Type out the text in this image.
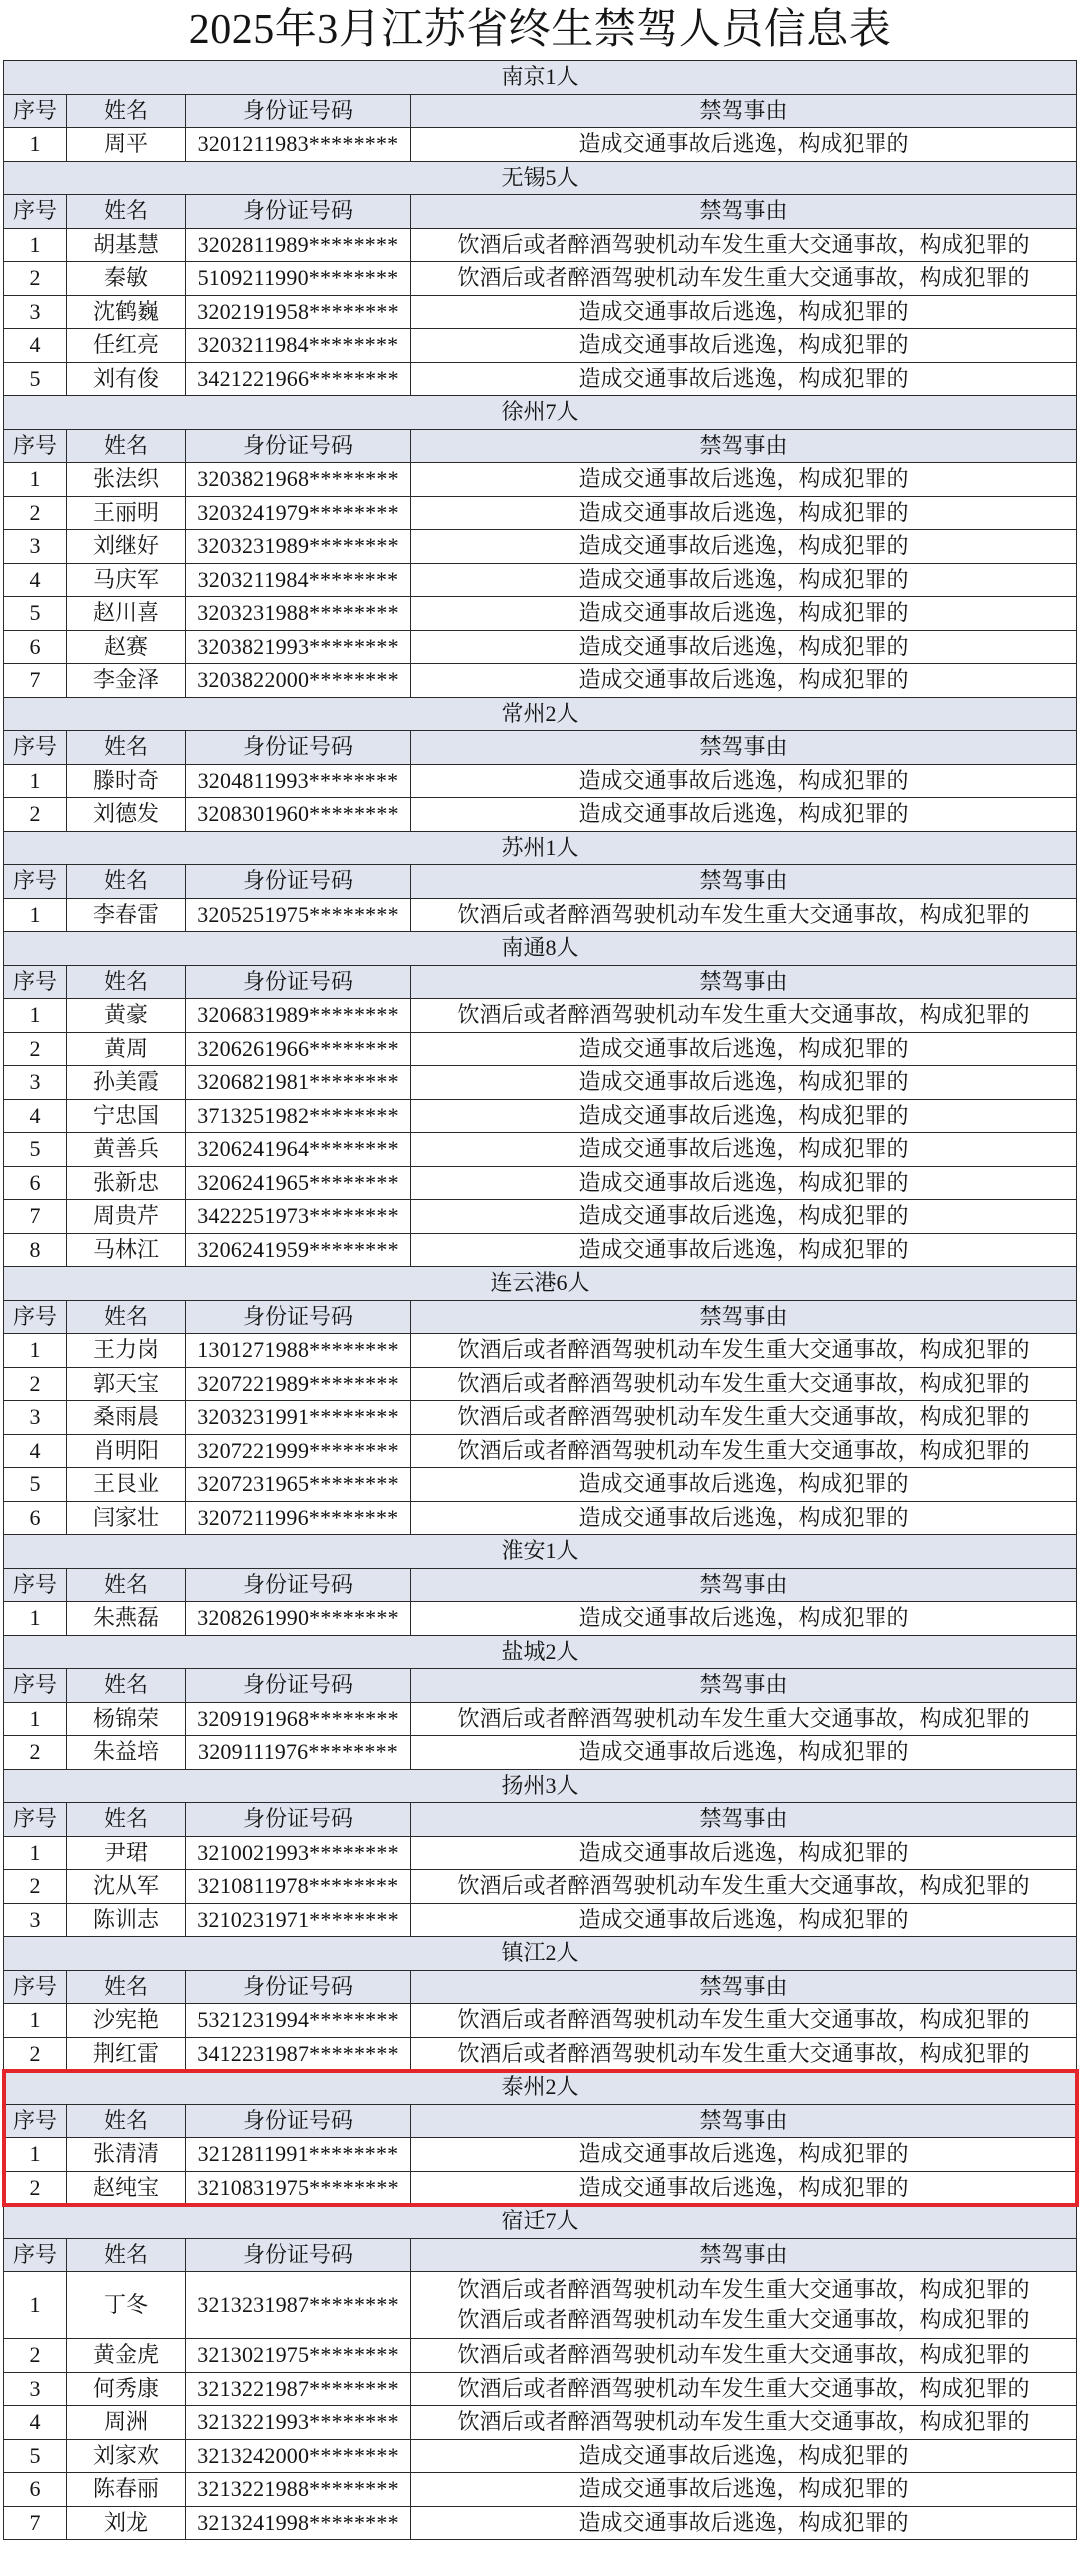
2025年3月江苏省终生禁驾人员信息表
南京1人			
序号	姓名	身份证号码	禁驾事由
1	周平	3201211983********	造成交通事故后逃逸，构成犯罪的
无锡5人			
序号	姓名	身份证号码	禁驾事由
1	胡基慧	3202811989********	饮酒后或者醉酒驾驶机动车发生重大交通事故，构成犯罪的
2	秦敏	5109211990********	饮酒后或者醉酒驾驶机动车发生重大交通事故，构成犯罪的
3	沈鹤巍	3202191958********	造成交通事故后逃逸，构成犯罪的
4	任红亮	3203211984********	造成交通事故后逃逸，构成犯罪的
5	刘有俊	3421221966********	造成交通事故后逃逸，构成犯罪的
徐州7人			
序号	姓名	身份证号码	禁驾事由
1	张法织	3203821968********	造成交通事故后逃逸，构成犯罪的
2	王丽明	3203241979********	造成交通事故后逃逸，构成犯罪的
3	刘继好	3203231989********	造成交通事故后逃逸，构成犯罪的
4	马庆军	3203211984********	造成交通事故后逃逸，构成犯罪的
5	赵川喜	3203231988********	造成交通事故后逃逸，构成犯罪的
6	赵赛	3203821993********	造成交通事故后逃逸，构成犯罪的
7	李金泽	3203822000********	造成交通事故后逃逸，构成犯罪的
常州2人			
序号	姓名	身份证号码	禁驾事由
1	滕时奇	3204811993********	造成交通事故后逃逸，构成犯罪的
2	刘德发	3208301960********	造成交通事故后逃逸，构成犯罪的
苏州1人			
序号	姓名	身份证号码	禁驾事由
1	李春雷	3205251975********	饮酒后或者醉酒驾驶机动车发生重大交通事故，构成犯罪的
南通8人			
序号	姓名	身份证号码	禁驾事由
1	黄豪	3206831989********	饮酒后或者醉酒驾驶机动车发生重大交通事故，构成犯罪的
2	黄周	3206261966********	造成交通事故后逃逸，构成犯罪的
3	孙美霞	3206821981********	造成交通事故后逃逸，构成犯罪的
4	宁忠国	3713251982********	造成交通事故后逃逸，构成犯罪的
5	黄善兵	3206241964********	造成交通事故后逃逸，构成犯罪的
6	张新忠	3206241965********	造成交通事故后逃逸，构成犯罪的
7	周贵芹	3422251973********	造成交通事故后逃逸，构成犯罪的
8	马林江	3206241959********	造成交通事故后逃逸，构成犯罪的
连云港6人			
序号	姓名	身份证号码	禁驾事由
1	王力岗	1301271988********	饮酒后或者醉酒驾驶机动车发生重大交通事故，构成犯罪的
2	郭天宝	3207221989********	饮酒后或者醉酒驾驶机动车发生重大交通事故，构成犯罪的
3	桑雨晨	3203231991********	饮酒后或者醉酒驾驶机动车发生重大交通事故，构成犯罪的
4	肖明阳	3207221999********	饮酒后或者醉酒驾驶机动车发生重大交通事故，构成犯罪的
5	王艮业	3207231965********	造成交通事故后逃逸，构成犯罪的
6	闫家壮	3207211996********	造成交通事故后逃逸，构成犯罪的
淮安1人			
序号	姓名	身份证号码	禁驾事由
1	朱燕磊	3208261990********	造成交通事故后逃逸，构成犯罪的
盐城2人			
序号	姓名	身份证号码	禁驾事由
1	杨锦荣	3209191968********	饮酒后或者醉酒驾驶机动车发生重大交通事故，构成犯罪的
2	朱益培	3209111976********	造成交通事故后逃逸，构成犯罪的
扬州3人			
序号	姓名	身份证号码	禁驾事由
1	尹珺	3210021993********	造成交通事故后逃逸，构成犯罪的
2	沈从军	3210811978********	饮酒后或者醉酒驾驶机动车发生重大交通事故，构成犯罪的
3	陈训志	3210231971********	造成交通事故后逃逸，构成犯罪的
镇江2人			
序号	姓名	身份证号码	禁驾事由
1	沙宪艳	5321231994********	饮酒后或者醉酒驾驶机动车发生重大交通事故，构成犯罪的
2	荆红雷	3412231987********	饮酒后或者醉酒驾驶机动车发生重大交通事故，构成犯罪的
泰州2人			
序号	姓名	身份证号码	禁驾事由
1	张清清	3212811991********	造成交通事故后逃逸，构成犯罪的
2	赵纯宝	3210831975********	造成交通事故后逃逸，构成犯罪的
宿迁7人			
序号	姓名	身份证号码	禁驾事由
1	丁冬	3213231987********	饮酒后或者醉酒驾驶机动车发生重大交通事故，构成犯罪的
饮酒后或者醉酒驾驶机动车发生重大交通事故，构成犯罪的
2	黄金虎	3213021975********	饮酒后或者醉酒驾驶机动车发生重大交通事故，构成犯罪的
3	何秀康	3213221987********	饮酒后或者醉酒驾驶机动车发生重大交通事故，构成犯罪的
4	周洲	3213221993********	饮酒后或者醉酒驾驶机动车发生重大交通事故，构成犯罪的
5	刘家欢	3213242000********	造成交通事故后逃逸，构成犯罪的
6	陈春丽	3213221988********	造成交通事故后逃逸，构成犯罪的
7	刘龙	3213241998********	造成交通事故后逃逸，构成犯罪的
